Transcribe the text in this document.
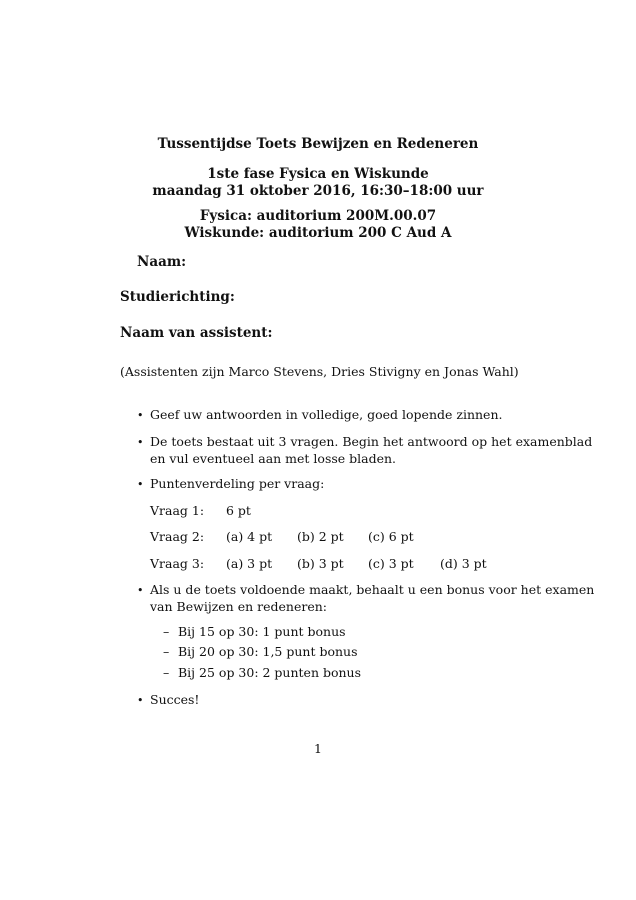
Tussentijdse Toets Bewijzen en Redeneren
1ste fase Fysica en Wiskunde
maandag 31 oktober 2016, 16:30–18:00 uur
Fysica: auditorium 200M.00.07
Wiskunde: auditorium 200 C Aud A
Naam:
Studierichting:
Naam van assistent:
(Assistenten zijn Marco Stevens, Dries Stivigny en Jonas Wahl)
• Geef uw antwoorden in volledige, goed lopende zinnen.
• De toets bestaat uit 3 vragen. Begin het antwoord op het examenblad
en vul eventueel aan met losse bladen.
• Puntenverdeling per vraag:
Vraag 1: 6 pt
Vraag 2: (a) 4 pt (b) 2 pt (c) 6 pt
Vraag 3: (a) 3 pt (b) 3 pt (c) 3 pt (d) 3 pt
• Als u de toets voldoende maakt, behaalt u een bonus voor het examen
van Bewijzen en redeneren:
– Bij 15 op 30: 1 punt bonus
– Bij 20 op 30: 1,5 punt bonus
– Bij 25 op 30: 2 punten bonus
• Succes!
1
